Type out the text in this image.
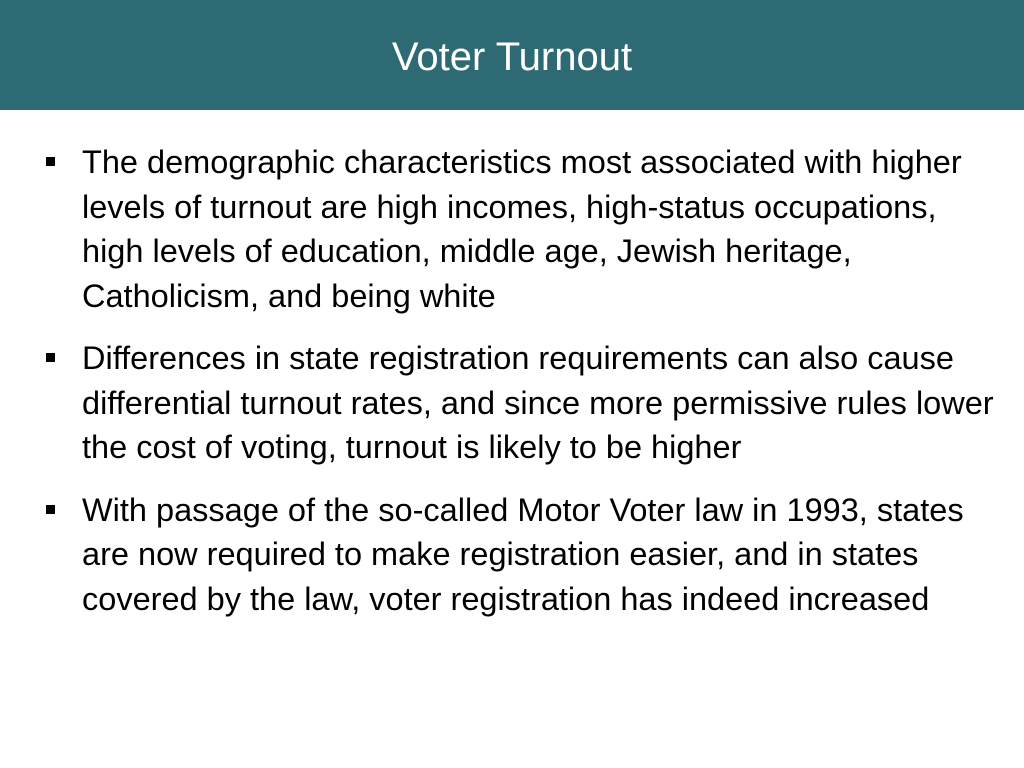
Voter Turnout
The demographic characteristics most associated with higher levels of turnout are high incomes, high-status occupations, high levels of education, middle age, Jewish heritage, Catholicism, and being white
Differences in state registration requirements can also cause differential turnout rates, and since more permissive rules lower the cost of voting, turnout is likely to be higher
With passage of the so-called Motor Voter law in 1993, states are now required to make registration easier, and in states covered by the law, voter registration has indeed increased
